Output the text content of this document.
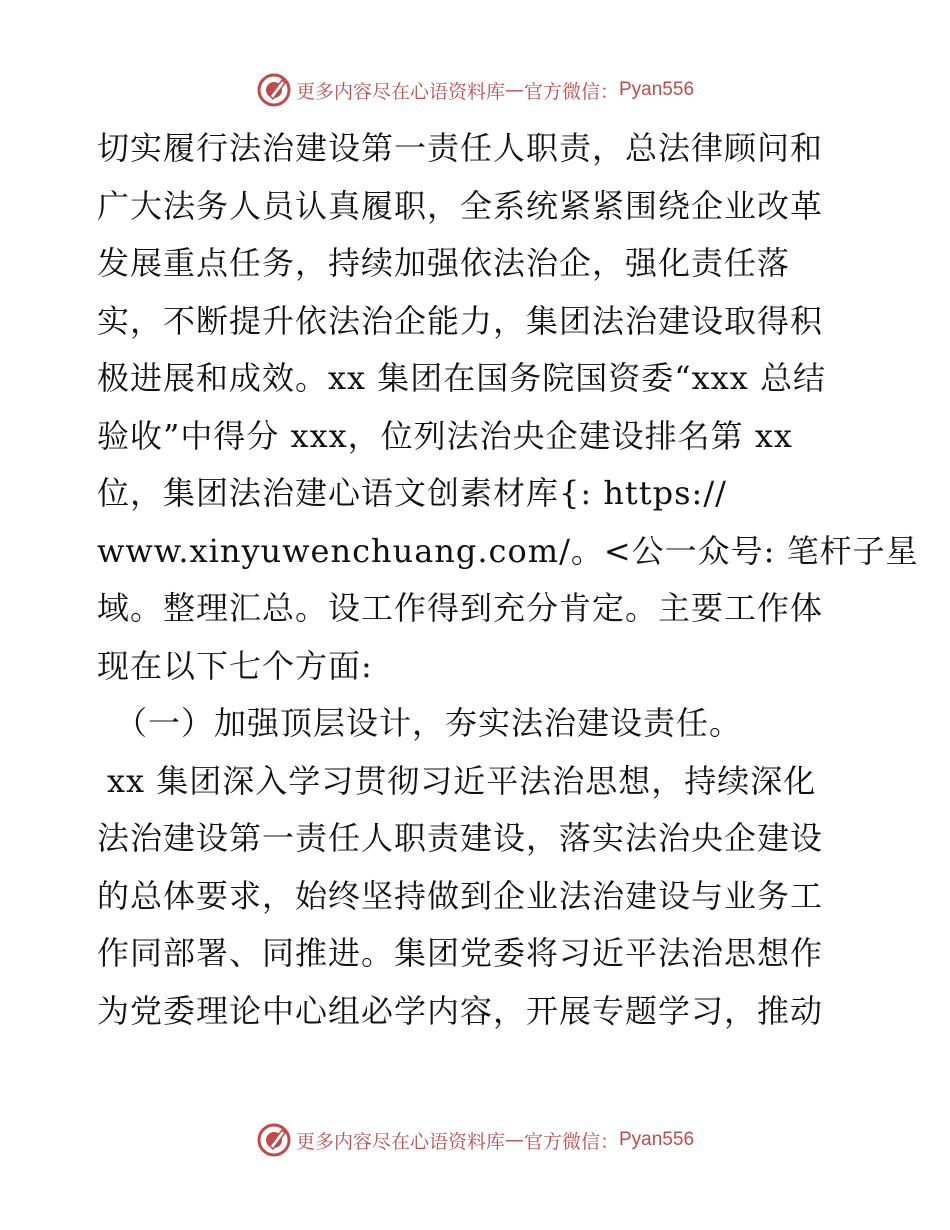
更多内容尽在心语资料库 — 官方微信： Pyan556

切实履行法治建设第一责任人职责，总法律顾问和
广大法务人员认真履职，全系统紧紧围绕企业改革
发展重点任务，持续加强依法治企，强化责任落
实，不断提升依法治企能力，集团法治建设取得积
极进展和成效。xx 集团在国务院国资委“xxx 总结
验收”中得分 xxx，位列法治央企建设排名第 xx
位，集团法治建心语文创素材库{: https://
www.xinyuwenchuang.com/。<公一众号: 笔杆子星
域。整理汇总。设工作得到充分肯定。主要工作体
现在以下七个方面:

（一）加强顶层设计，夯实法治建设责任。

xx 集团深入学习贯彻习近平法治思想，持续深化
法治建设第一责任人职责建设，落实法治央企建设
的总体要求，始终坚持做到企业法治建设与业务工
作同部署、同推进。集团党委将习近平法治思想作
为党委理论中心组必学内容，开展专题学习，推动

更多内容尽在心语资料库 — 官方微信： Pyan556
